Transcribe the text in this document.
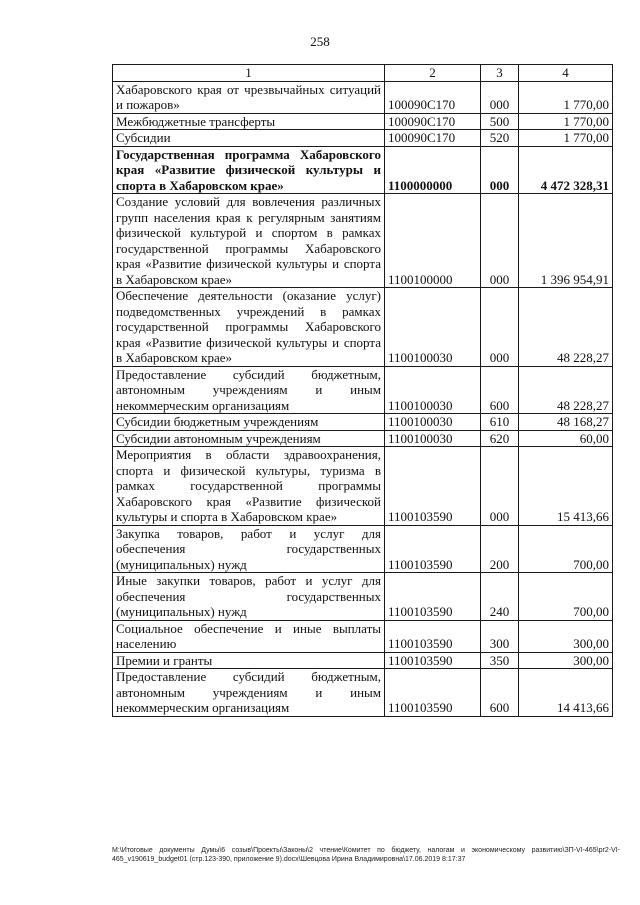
258
1	2	3	4
Хабаровского края от чрезвычайных ситуаций и пожаров»	100090С170	000	1 770,00
Межбюджетные трансферты	100090С170	500	1 770,00
Субсидии	100090С170	520	1 770,00
Государственная программа Хабаровского края «Развитие физической культуры и спорта в Хабаровском крае»	1100000000	000	4 472 328,31
Создание условий для вовлечения различных групп населения края к регулярным занятиям физической культурой и спортом в рамках государственной программы Хабаровского края «Развитие физической культуры и спорта в Хабаровском крае»	1100100000	000	1 396 954,91
Обеспечение деятельности (оказание услуг) подведомственных учреждений в рамках государственной программы Хабаровского края «Развитие физической культуры и спорта в Хабаровском крае»	1100100030	000	48 228,27
Предоставление субсидий бюджетным, автономным учреждениям и иным некоммерческим организациям	1100100030	600	48 228,27
Субсидии бюджетным учреждениям	1100100030	610	48 168,27
Субсидии автономным учреждениям	1100100030	620	60,00
Мероприятия в области здравоохранения, спорта и физической культуры, туризма в рамках государственной программы Хабаровского края «Развитие физической культуры и спорта в Хабаровском крае»	1100103590	000	15 413,66
Закупка товаров, работ и услуг для обеспечения государственных (муниципальных) нужд	1100103590	200	700,00
Иные закупки товаров, работ и услуг для обеспечения государственных (муниципальных) нужд	1100103590	240	700,00
Социальное обеспечение и иные выплаты населению	1100103590	300	300,00
Премии и гранты	1100103590	350	300,00
Предоставление субсидий бюджетным, автономным учреждениям и иным некоммерческим организациям	1100103590	600	14 413,66
М:\Итоговые документы Думы\6 созыв\Проекты\Законы\2 чтение\Комитет по бюджету, налогам и экономическому развитию\ЗП-VI-465\pr2-VI-465_v190619_budget01 (стр.123-390, приложение 9).docx\Шевцова Ирина Владимировна\17.06.2019 8:17:37
